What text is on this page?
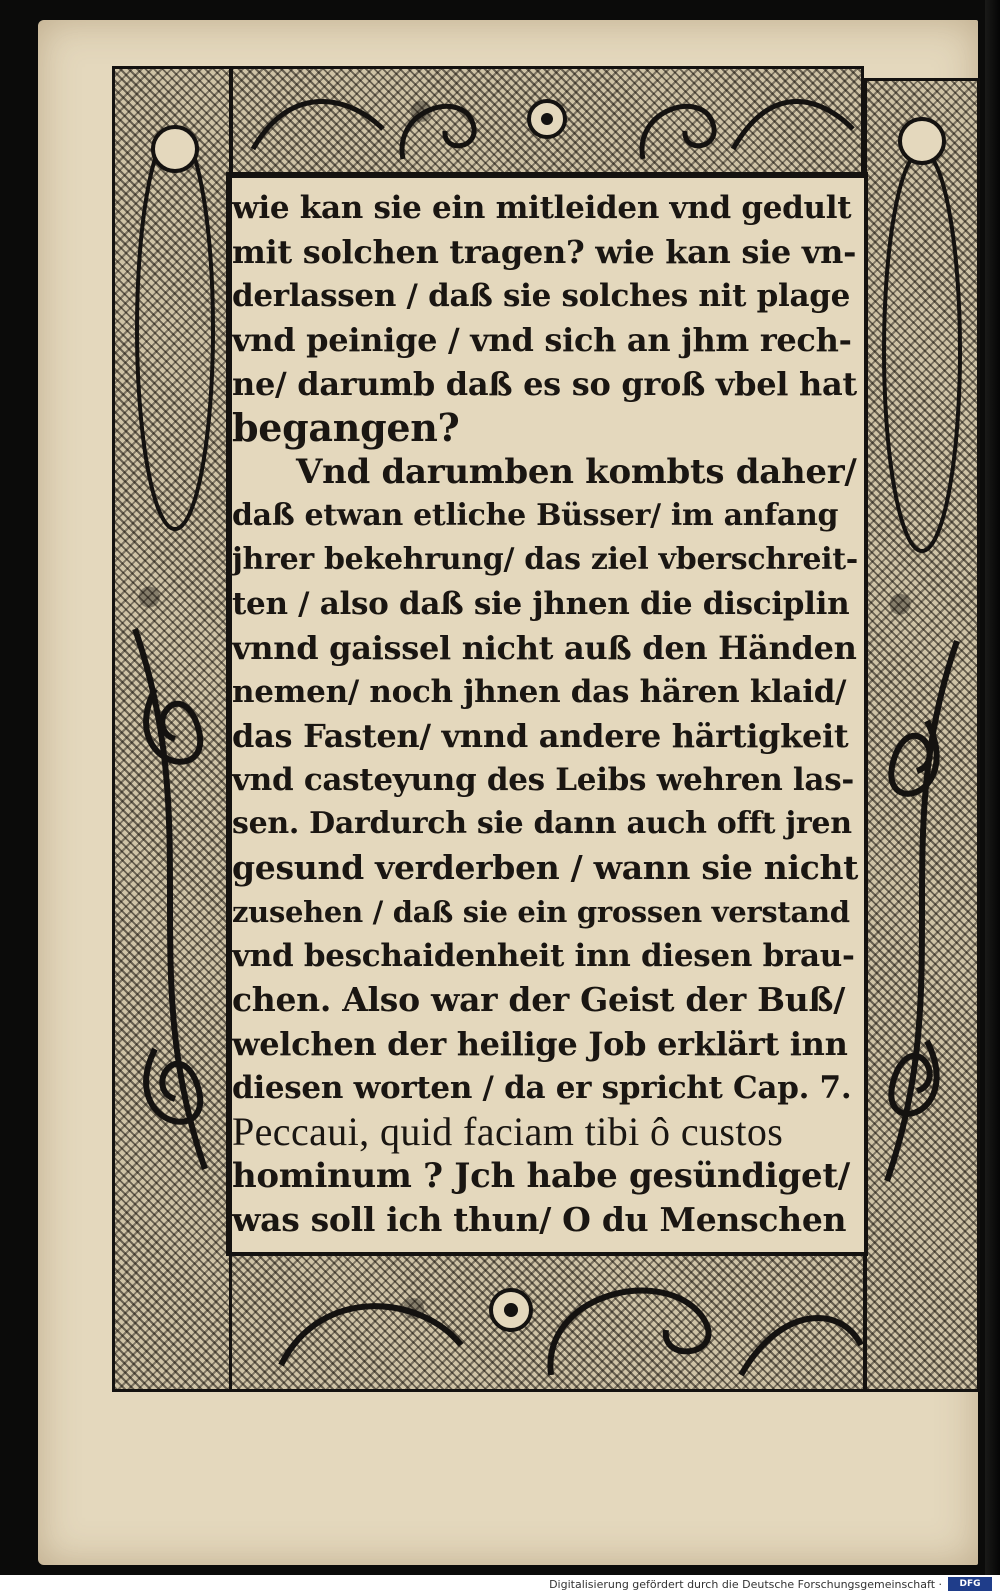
wie kan sie ein mitleiden vnd gedult
mit solchen tragen? wie kan sie vn-
derlassen / daß sie solches nit plage
vnd peinige / vnd sich an jhm rech-
ne/ darumb daß es so groß vbel hat
begangen?
Vnd darumben kombts daher/
daß etwan etliche Büsser/ im anfang
jhrer bekehrung/ das ziel vberschreit-
ten / also daß sie jhnen die disciplin
vnnd gaissel nicht auß den Händen
nemen/ noch jhnen das hären klaid/
das Fasten/ vnnd andere härtigkeit
vnd casteyung des Leibs wehren las-
sen. Dardurch sie dann auch offt jren
gesund verderben / wann sie nicht
zusehen / daß sie ein grossen verstand
vnd beschaidenheit inn diesen brau-
chen. Also war der Geist der Buß/
welchen der heilige Job erklärt inn
diesen worten / da er spricht Cap. 7.
Peccaui, quid faciam tibi ô custos
hominum ? Jch habe gesündiget/
was soll ich thun/ O du Menschen
Digitalisierung gefördert durch die Deutsche Forschungsgemeinschaft ·	DFG
